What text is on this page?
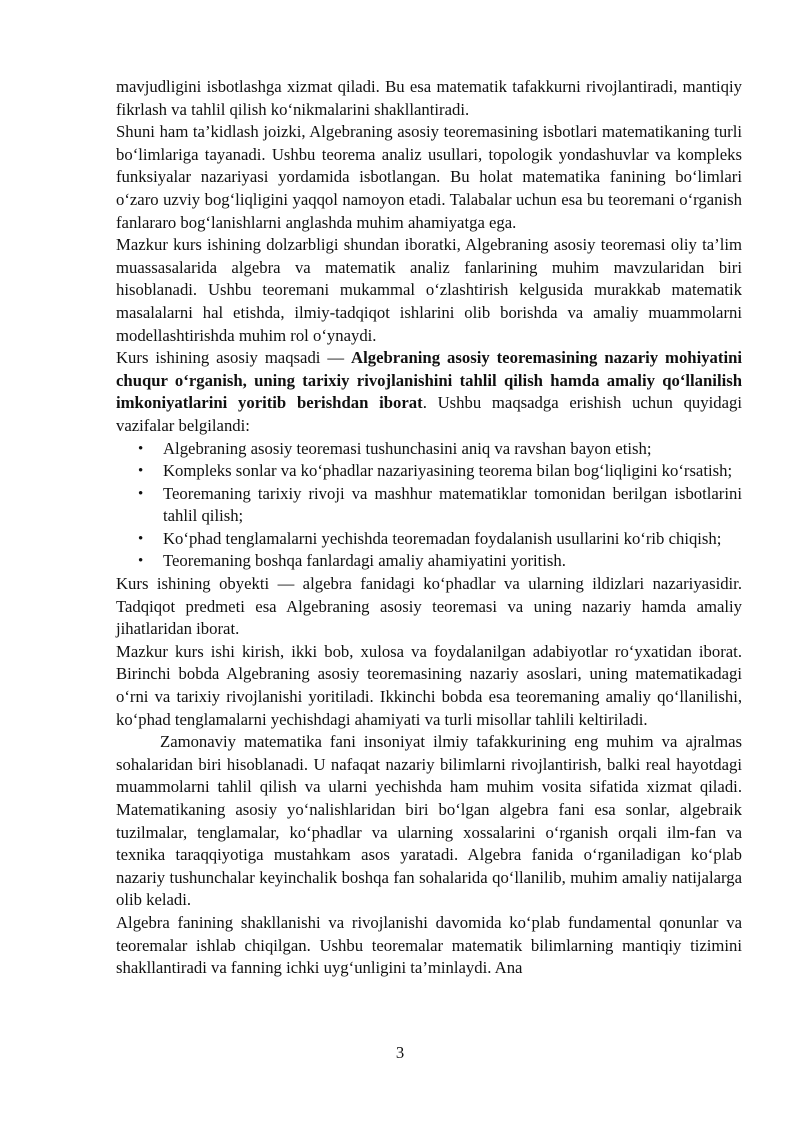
mavjudligini isbotlashga xizmat qiladi. Bu esa matematik tafakkurni rivojlantiradi, mantiqiy fikrlash va tahlil qilish koʻnikmalarini shakllantiradi.

Shuni ham ta’kidlash joizki, Algebraning asosiy teoremasining isbotlari matematikaning turli boʻlimlariga tayanadi. Ushbu teorema analiz usullari, topologik yondashuvlar va kompleks funksiyalar nazariyasi yordamida isbotlangan. Bu holat matematika fanining boʻlimlari oʻzaro uzviy bogʻliqligini yaqqol namoyon etadi. Talabalar uchun esa bu teoremani oʻrganish fanlararo bogʻlanishlarni anglashda muhim ahamiyatga ega.

Mazkur kurs ishining dolzarbligi shundan iboratki, Algebraning asosiy teoremasi oliy ta’lim muassasalarida algebra va matematik analiz fanlarining muhim mavzularidan biri hisoblanadi. Ushbu teoremani mukammal oʻzlashtirish kelgusida murakkab matematik masalalarni hal etishda, ilmiy-tadqiqot ishlarini olib borishda va amaliy muammolarni modellashtirishda muhim rol oʻynaydi.

Kurs ishining asosiy maqsadi — Algebraning asosiy teoremasining nazariy mohiyatini chuqur oʻrganish, uning tarixiy rivojlanishini tahlil qilish hamda amaliy qoʻllanilish imkoniyatlarini yoritib berishdan iborat. Ushbu maqsadga erishish uchun quyidagi vazifalar belgilandi:

• Algebraning asosiy teoremasi tushunchasini aniq va ravshan bayon etish;
• Kompleks sonlar va koʻphadlar nazariyasining teorema bilan bogʻliqligini koʻrsatish;
• Teoremaning tarixiy rivoji va mashhur matematiklar tomonidan berilgan isbotlarini tahlil qilish;
• Koʻphad tenglamalarni yechishda teoremadan foydalanish usullarini koʻrib chiqish;
• Teoremaning boshqa fanlardagi amaliy ahamiyatini yoritish.

Kurs ishining obyekti — algebra fanidagi koʻphadlar va ularning ildizlari nazariyasidir. Tadqiqot predmeti esa Algebraning asosiy teoremasi va uning nazariy hamda amaliy jihatlaridan iborat.

Mazkur kurs ishi kirish, ikki bob, xulosa va foydalanilgan adabiyotlar roʻyxatidan iborat. Birinchi bobda Algebraning asosiy teoremasining nazariy asoslari, uning matematikadagi oʻrni va tarixiy rivojlanishi yoritiladi. Ikkinchi bobda esa teoremaning amaliy qoʻllanilishi, koʻphad tenglamalarni yechishdagi ahamiyati va turli misollar tahlili keltiriladi.

Zamonaviy matematika fani insoniyat ilmiy tafakkurining eng muhim va ajralmas sohalaridan biri hisoblanadi. U nafaqat nazariy bilimlarni rivojlantirish, balki real hayotdagi muammolarni tahlil qilish va ularni yechishda ham muhim vosita sifatida xizmat qiladi. Matematikaning asosiy yoʻnalishlaridan biri boʻlgan algebra fani esa sonlar, algebraik tuzilmalar, tenglamalar, koʻphadlar va ularning xossalarini oʻrganish orqali ilm-fan va texnika taraqqiyotiga mustahkam asos yaratadi. Algebra fanida oʻrganiladigan koʻplab nazariy tushunchalar keyinchalik boshqa fan sohalarida qoʻllanilib, muhim amaliy natijalarga olib keladi.

Algebra fanining shakllanishi va rivojlanishi davomida koʻplab fundamental qonunlar va teoremalar ishlab chiqilgan. Ushbu teoremalar matematik bilimlarning mantiqiy tizimini shakllantiradi va fanning ichki uygʻunligini ta’minlaydi. Ana

3
